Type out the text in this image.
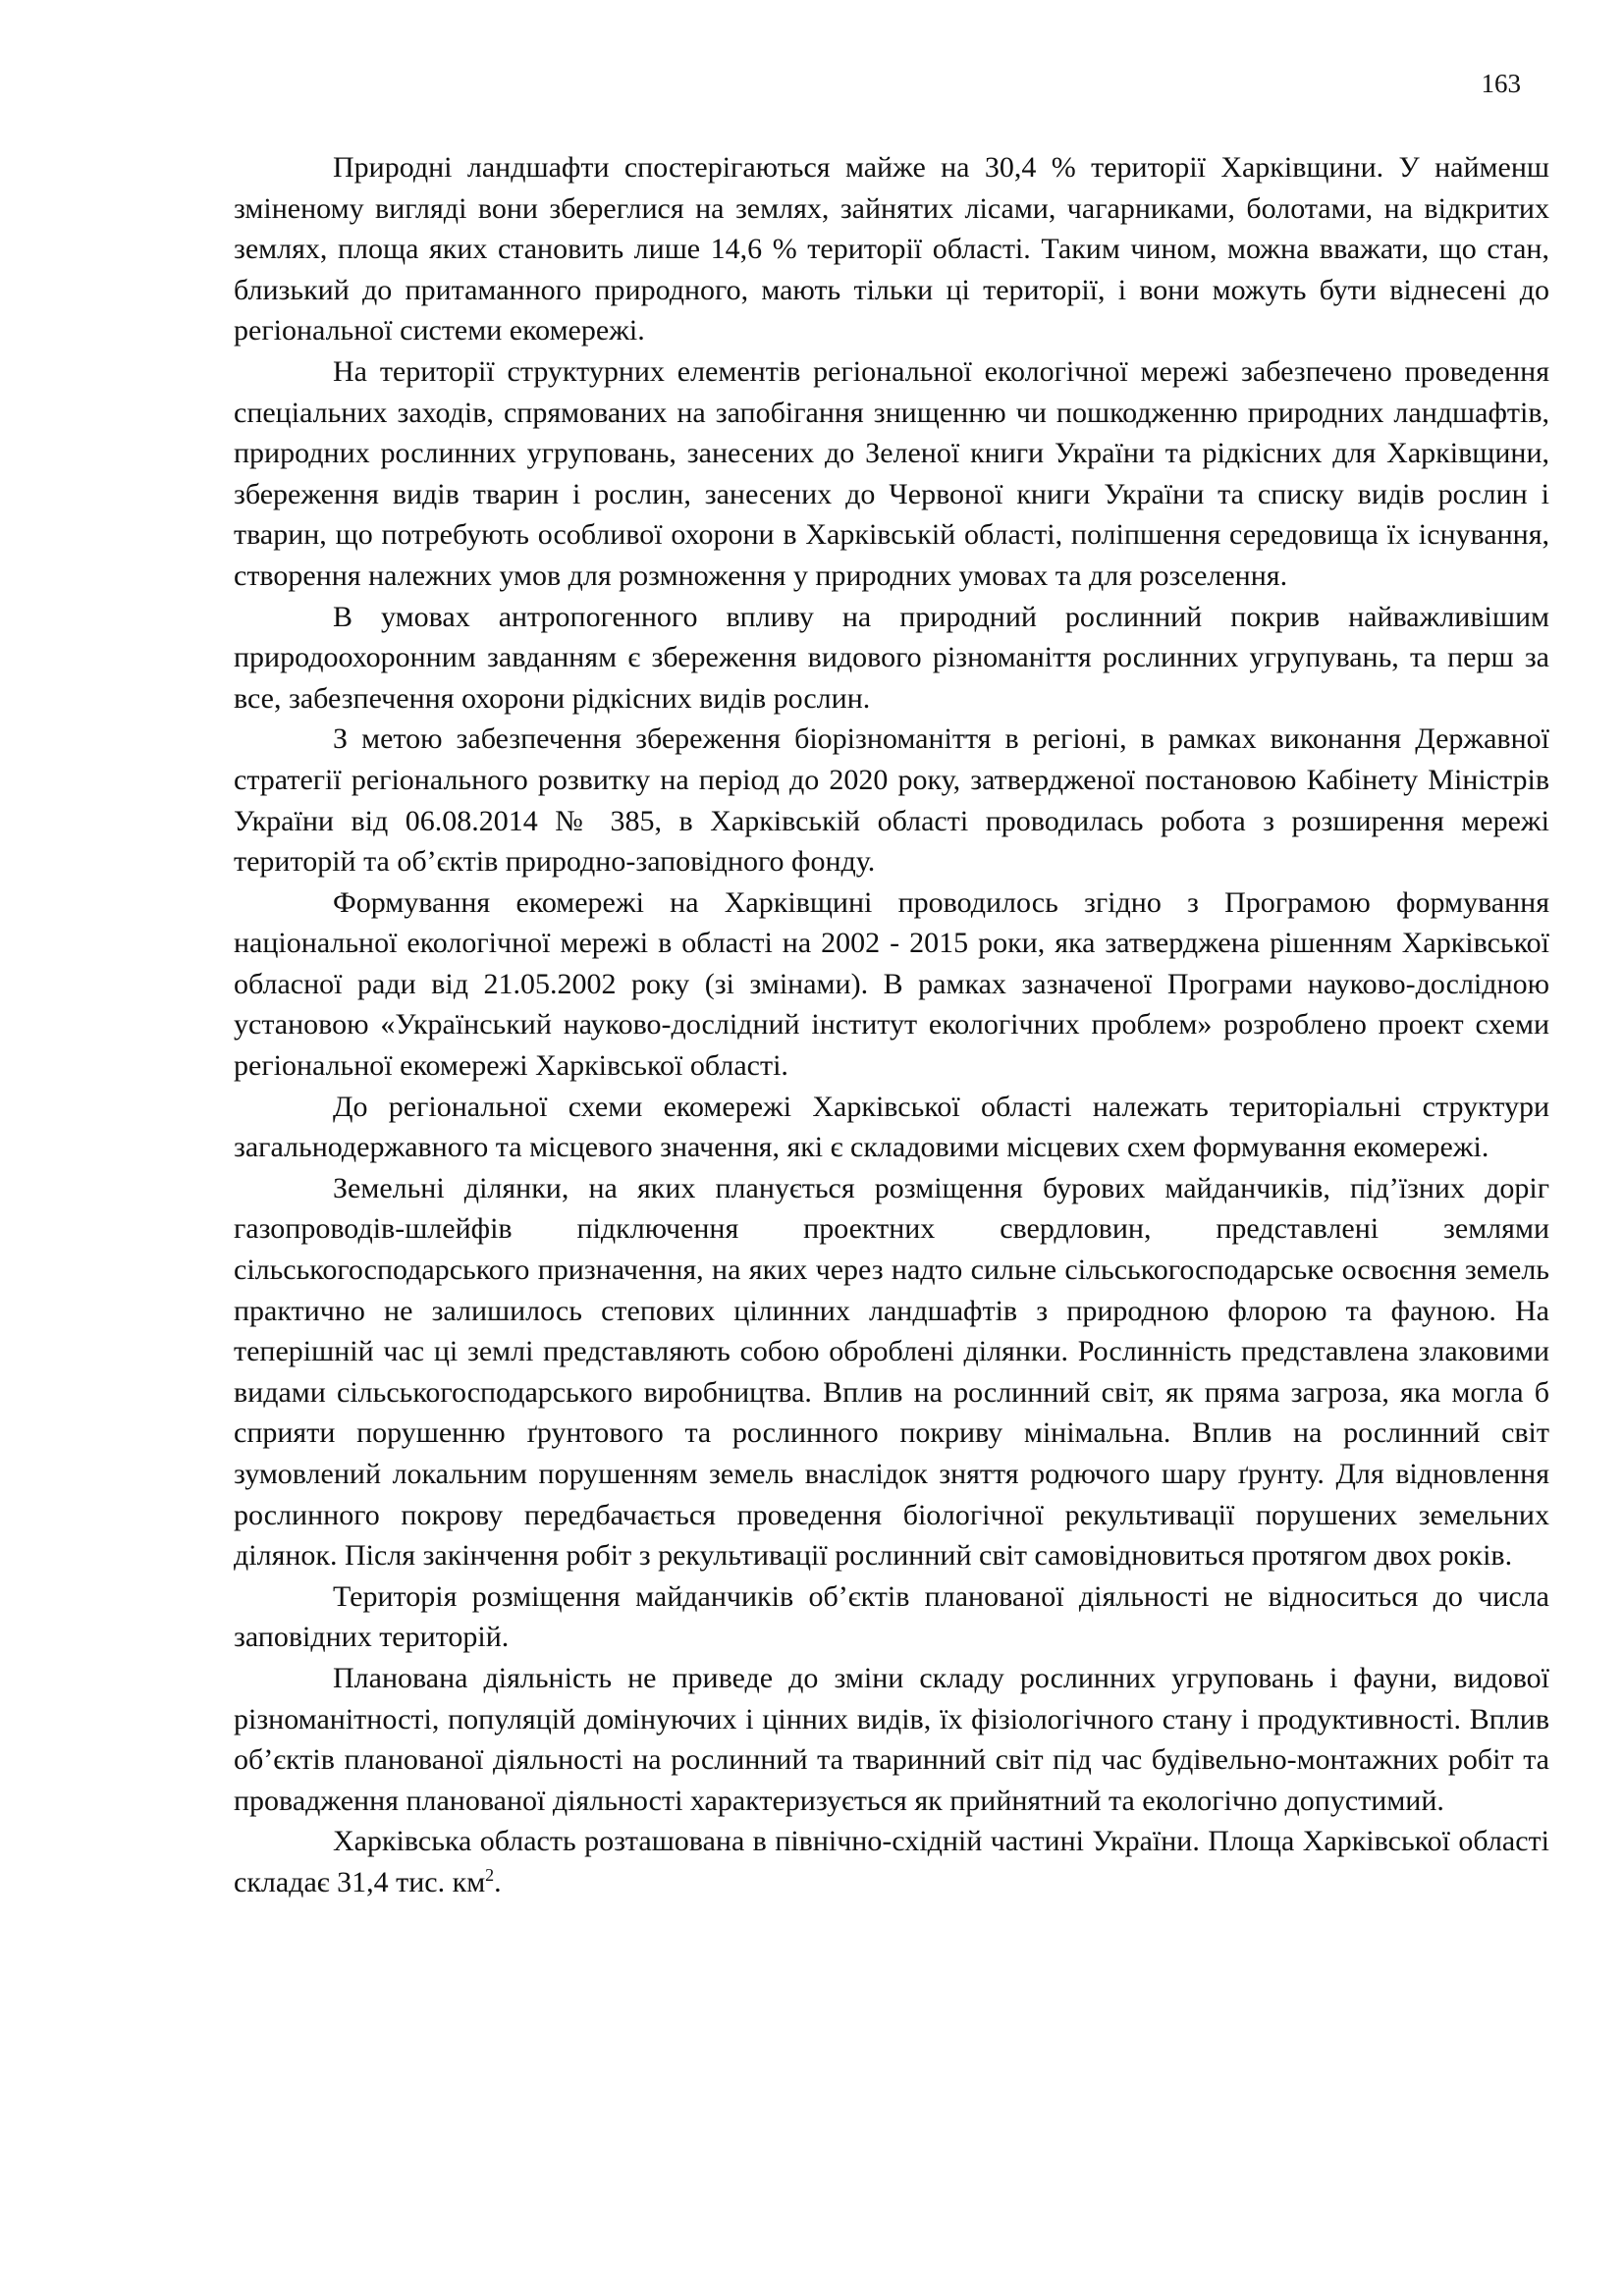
163

Природні ландшафти спостерігаються майже на 30,4 % території Харківщини. У найменш зміненому вигляді вони збереглися на землях, зайнятих лісами, чагарниками, болотами, на відкритих землях, площа яких становить лише 14,6 % території області. Таким чином, можна вважати, що стан, близький до притаманного природного, мають тільки ці території, і вони можуть бути віднесені до регіональної системи екомережі.

На території структурних елементів регіональної екологічної мережі забезпечено проведення спеціальних заходів, спрямованих на запобігання знищенню чи пошкодженню природних ландшафтів, природних рослинних угруповань, занесених до Зеленої книги України та рідкісних для Харківщини, збереження видів тварин і рослин, занесених до Червоної книги України та списку видів рослин і тварин, що потребують особливої охорони в Харківській області, поліпшення середовища їх існування, створення належних умов для розмноження у природних умовах та для розселення.

В умовах антропогенного впливу на природний рослинний покрив найважливішим природоохоронним завданням є збереження видового різноманіття рослинних угрупувань, та перш за все, забезпечення охорони рідкісних видів рослин.

З метою забезпечення збереження біорізноманіття в регіоні, в рамках виконання Державної стратегії регіонального розвитку на період до 2020 року, затвердженої постановою Кабінету Міністрів України від 06.08.2014 № 385, в Харківській області проводилась робота з розширення мережі територій та об’єктів природно-заповідного фонду.

Формування екомережі на Харківщині проводилось згідно з Програмою формування національної екологічної мережі в області на 2002 - 2015 роки, яка затверджена рішенням Харківської обласної ради від 21.05.2002 року (зі змінами). В рамках зазначеної Програми науково-дослідною установою «Український науково-дослідний інститут екологічних проблем» розроблено проект схеми регіональної екомережі Харківської області.

До регіональної схеми екомережі Харківської області належать територіальні структури загальнодержавного та місцевого значення, які є складовими місцевих схем формування екомережі.

Земельні ділянки, на яких планується розміщення бурових майданчиків, під’їзних доріг газопроводів-шлейфів підключення проектних свердловин, представлені землями сільськогосподарського призначення, на яких через надто сильне сільськогосподарське освоєння земель практично не залишилось степових цілинних ландшафтів з природною флорою та фауною. На теперішній час ці землі представляють собою оброблені ділянки. Рослинність представлена злаковими видами сільськогосподарського виробництва. Вплив на рослинний світ, як пряма загроза, яка могла б сприяти порушенню ґрунтового та рослинного покриву мінімальна. Вплив на рослинний світ зумовлений локальним порушенням земель внаслідок зняття родючого шару ґрунту. Для відновлення рослинного покрову передбачається проведення біологічної рекультивації порушених земельних ділянок. Після закінчення робіт з рекультивації рослинний світ самовідновиться протягом двох років.

Територія розміщення майданчиків об’єктів планованої діяльності не відноситься до числа заповідних територій.

Планована діяльність не приведе до зміни складу рослинних угруповань і фауни, видової різноманітності, популяцій домінуючих і цінних видів, їх фізіологічного стану і продуктивності. Вплив об’єктів планованої діяльності на рослинний та тваринний світ під час будівельно-монтажних робіт та провадження планованої діяльності характеризується як прийнятний та екологічно допустимий.

Харківська область розташована в північно-східній частині України. Площа Харківської області складає 31,4 тис. $км^2$.
